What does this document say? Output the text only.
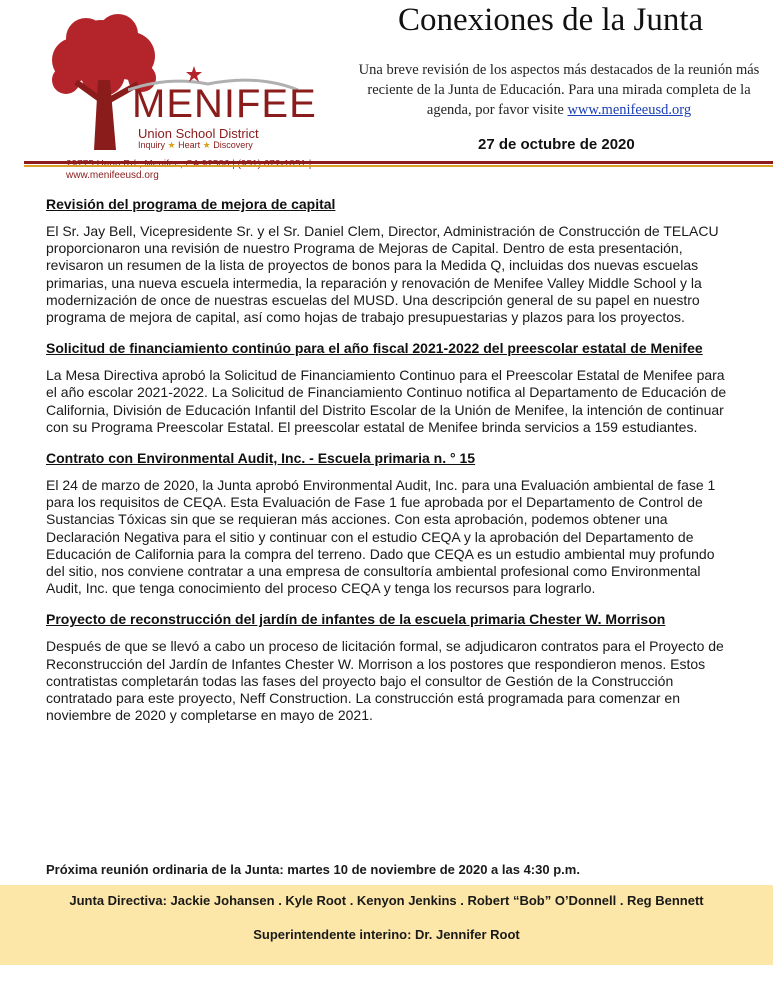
MENIFEE
Union School District
Inquiry ★ Heart ★ Discovery
www.menifeeusd.org
Conexiones de la Junta
Una breve revisión de los aspectos más destacados de la reunión más reciente de la Junta de Educación. Para una mirada completa de la agenda, por favor visite www.menifeeusd.org
27 de octubre de 2020
Revisión del programa de mejora de capital

El Sr. Jay Bell, Vicepresidente Sr. y el Sr. Daniel Clem, Director, Administración de Construcción de TELACU proporcionaron una revisión de nuestro Programa de Mejoras de Capital. Dentro de esta presentación, revisaron un resumen de la lista de proyectos de bonos para la Medida Q, incluidas dos nuevas escuelas primarias, una nueva escuela intermedia, la reparación y renovación de Menifee Valley Middle School y la modernización de once de nuestras escuelas del MUSD. Una descripción general de su papel en nuestro programa de mejora de capital, así como hojas de trabajo presupuestarias y plazos para los proyectos.

Solicitud de financiamiento continúo para el año fiscal 2021-2022 del preescolar estatal de Menifee

La Mesa Directiva aprobó la Solicitud de Financiamiento Continuo para el Preescolar Estatal de Menifee para el año escolar 2021-2022. La Solicitud de Financiamiento Continuo notifica al Departamento de Educación de California, División de Educación Infantil del Distrito Escolar de la Unión de Menifee, la intención de continuar con su Programa Preescolar Estatal. El preescolar estatal de Menifee brinda servicios a 159 estudiantes.

Contrato con Environmental Audit, Inc. - Escuela primaria n. ° 15

El 24 de marzo de 2020, la Junta aprobó Environmental Audit, Inc. para una Evaluación ambiental de fase 1 para los requisitos de CEQA. Esta Evaluación de Fase 1 fue aprobada por el Departamento de Control de Sustancias Tóxicas sin que se requieran más acciones. Con esta aprobación, podemos obtener una Declaración Negativa para el sitio y continuar con el estudio CEQA y la aprobación del Departamento de Educación de California para la compra del terreno. Dado que CEQA es un estudio ambiental muy profundo del sitio, nos conviene contratar a una empresa de consultoría ambiental profesional como Environmental Audit, Inc. que tenga conocimiento del proceso CEQA y tenga los recursos para lograrlo.

Proyecto de reconstrucción del jardín de infantes de la escuela primaria Chester W. Morrison

Después de que se llevó a cabo un proceso de licitación formal, se adjudicaron contratos para el Proyecto de Reconstrucción del Jardín de Infantes Chester W. Morrison a los postores que respondieron menos. Estos contratistas completarán todas las fases del proyecto bajo el consultor de Gestión de la Construcción contratado para este proyecto, Neff Construction. La construcción está programada para comenzar en noviembre de 2020 y completarse en mayo de 2021.

Próxima reunión ordinaria de la Junta: martes 10 de noviembre de 2020 a las 4:30 p.m.
Junta Directiva: Jackie Johansen . Kyle Root . Kenyon Jenkins . Robert “Bob” O’Donnell . Reg Bennett
Superintendente interino: Dr. Jennifer Root
